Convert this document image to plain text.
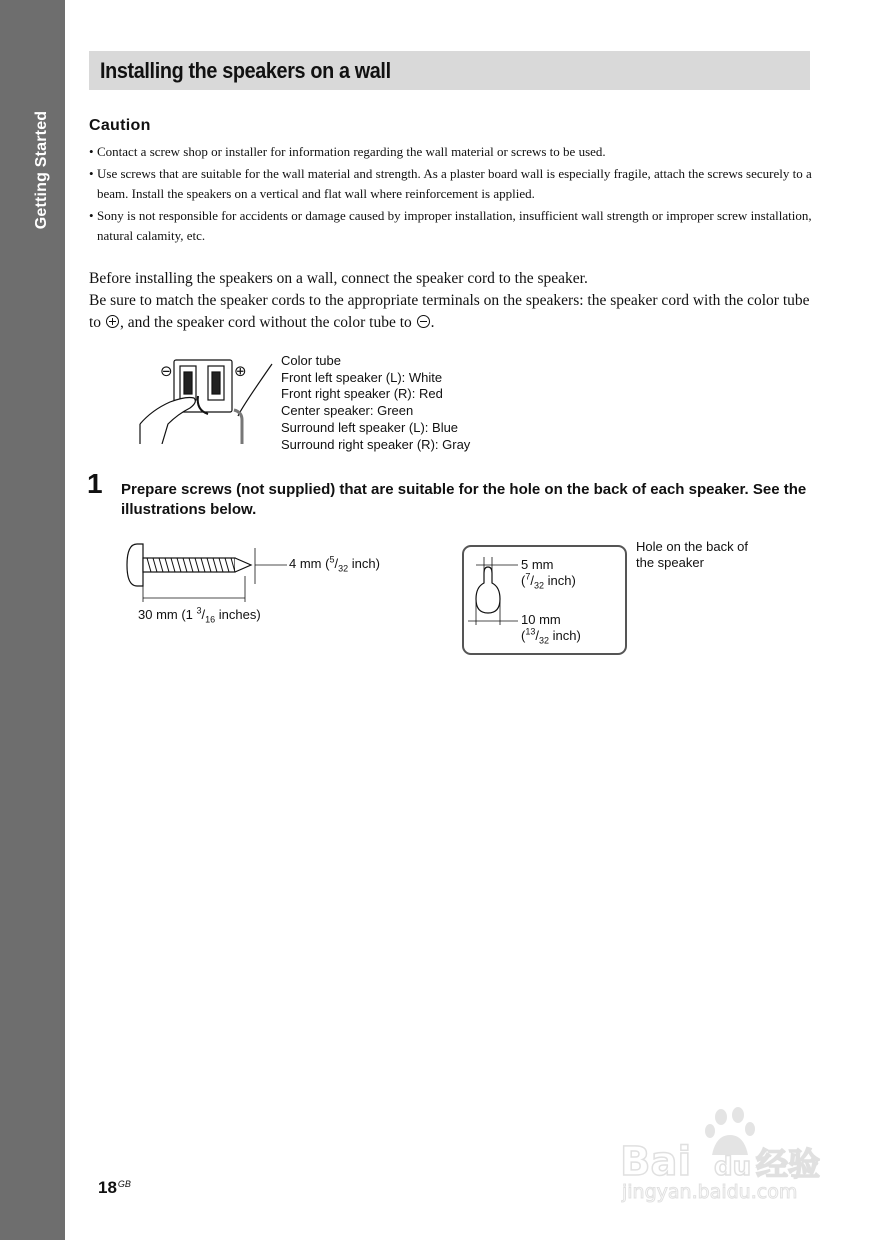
Getting Started
Installing the speakers on a wall
Caution
• Contact a screw shop or installer for information regarding the wall material or screws to be used.
• Use screws that are suitable for the wall material and strength. As a plaster board wall is especially fragile, attach the screws securely to a beam. Install the speakers on a vertical and flat wall where reinforcement is applied.
• Sony is not responsible for accidents or damage caused by improper installation, insufficient wall strength or improper screw installation, natural calamity, etc.

Before installing the speakers on a wall, connect the speaker cord to the speaker.

Be sure to match the speaker cords to the appropriate terminals on the speakers: the speaker cord with the color tube to , and the speaker cord without the color tube to .

⊖	⊕
Color tube
Front left speaker (L): White
Front right speaker (R): Red
Center speaker: Green
Surround left speaker (L): Blue
Surround right speaker (R): Gray
1 Prepare screws (not supplied) that are suitable for the hole on the back of each speaker. See the illustrations below.

4 mm ($^5/_{32}$ inch)
30 mm (1 $^3/_{16}$ inches)
5 mm
($^7/_{32}$ inch)
10 mm
($^{13}/_{32}$ inch)
Hole on the back of
the speaker
$18^{GB}$	Bai du 经验
jingyan.baidu.com
